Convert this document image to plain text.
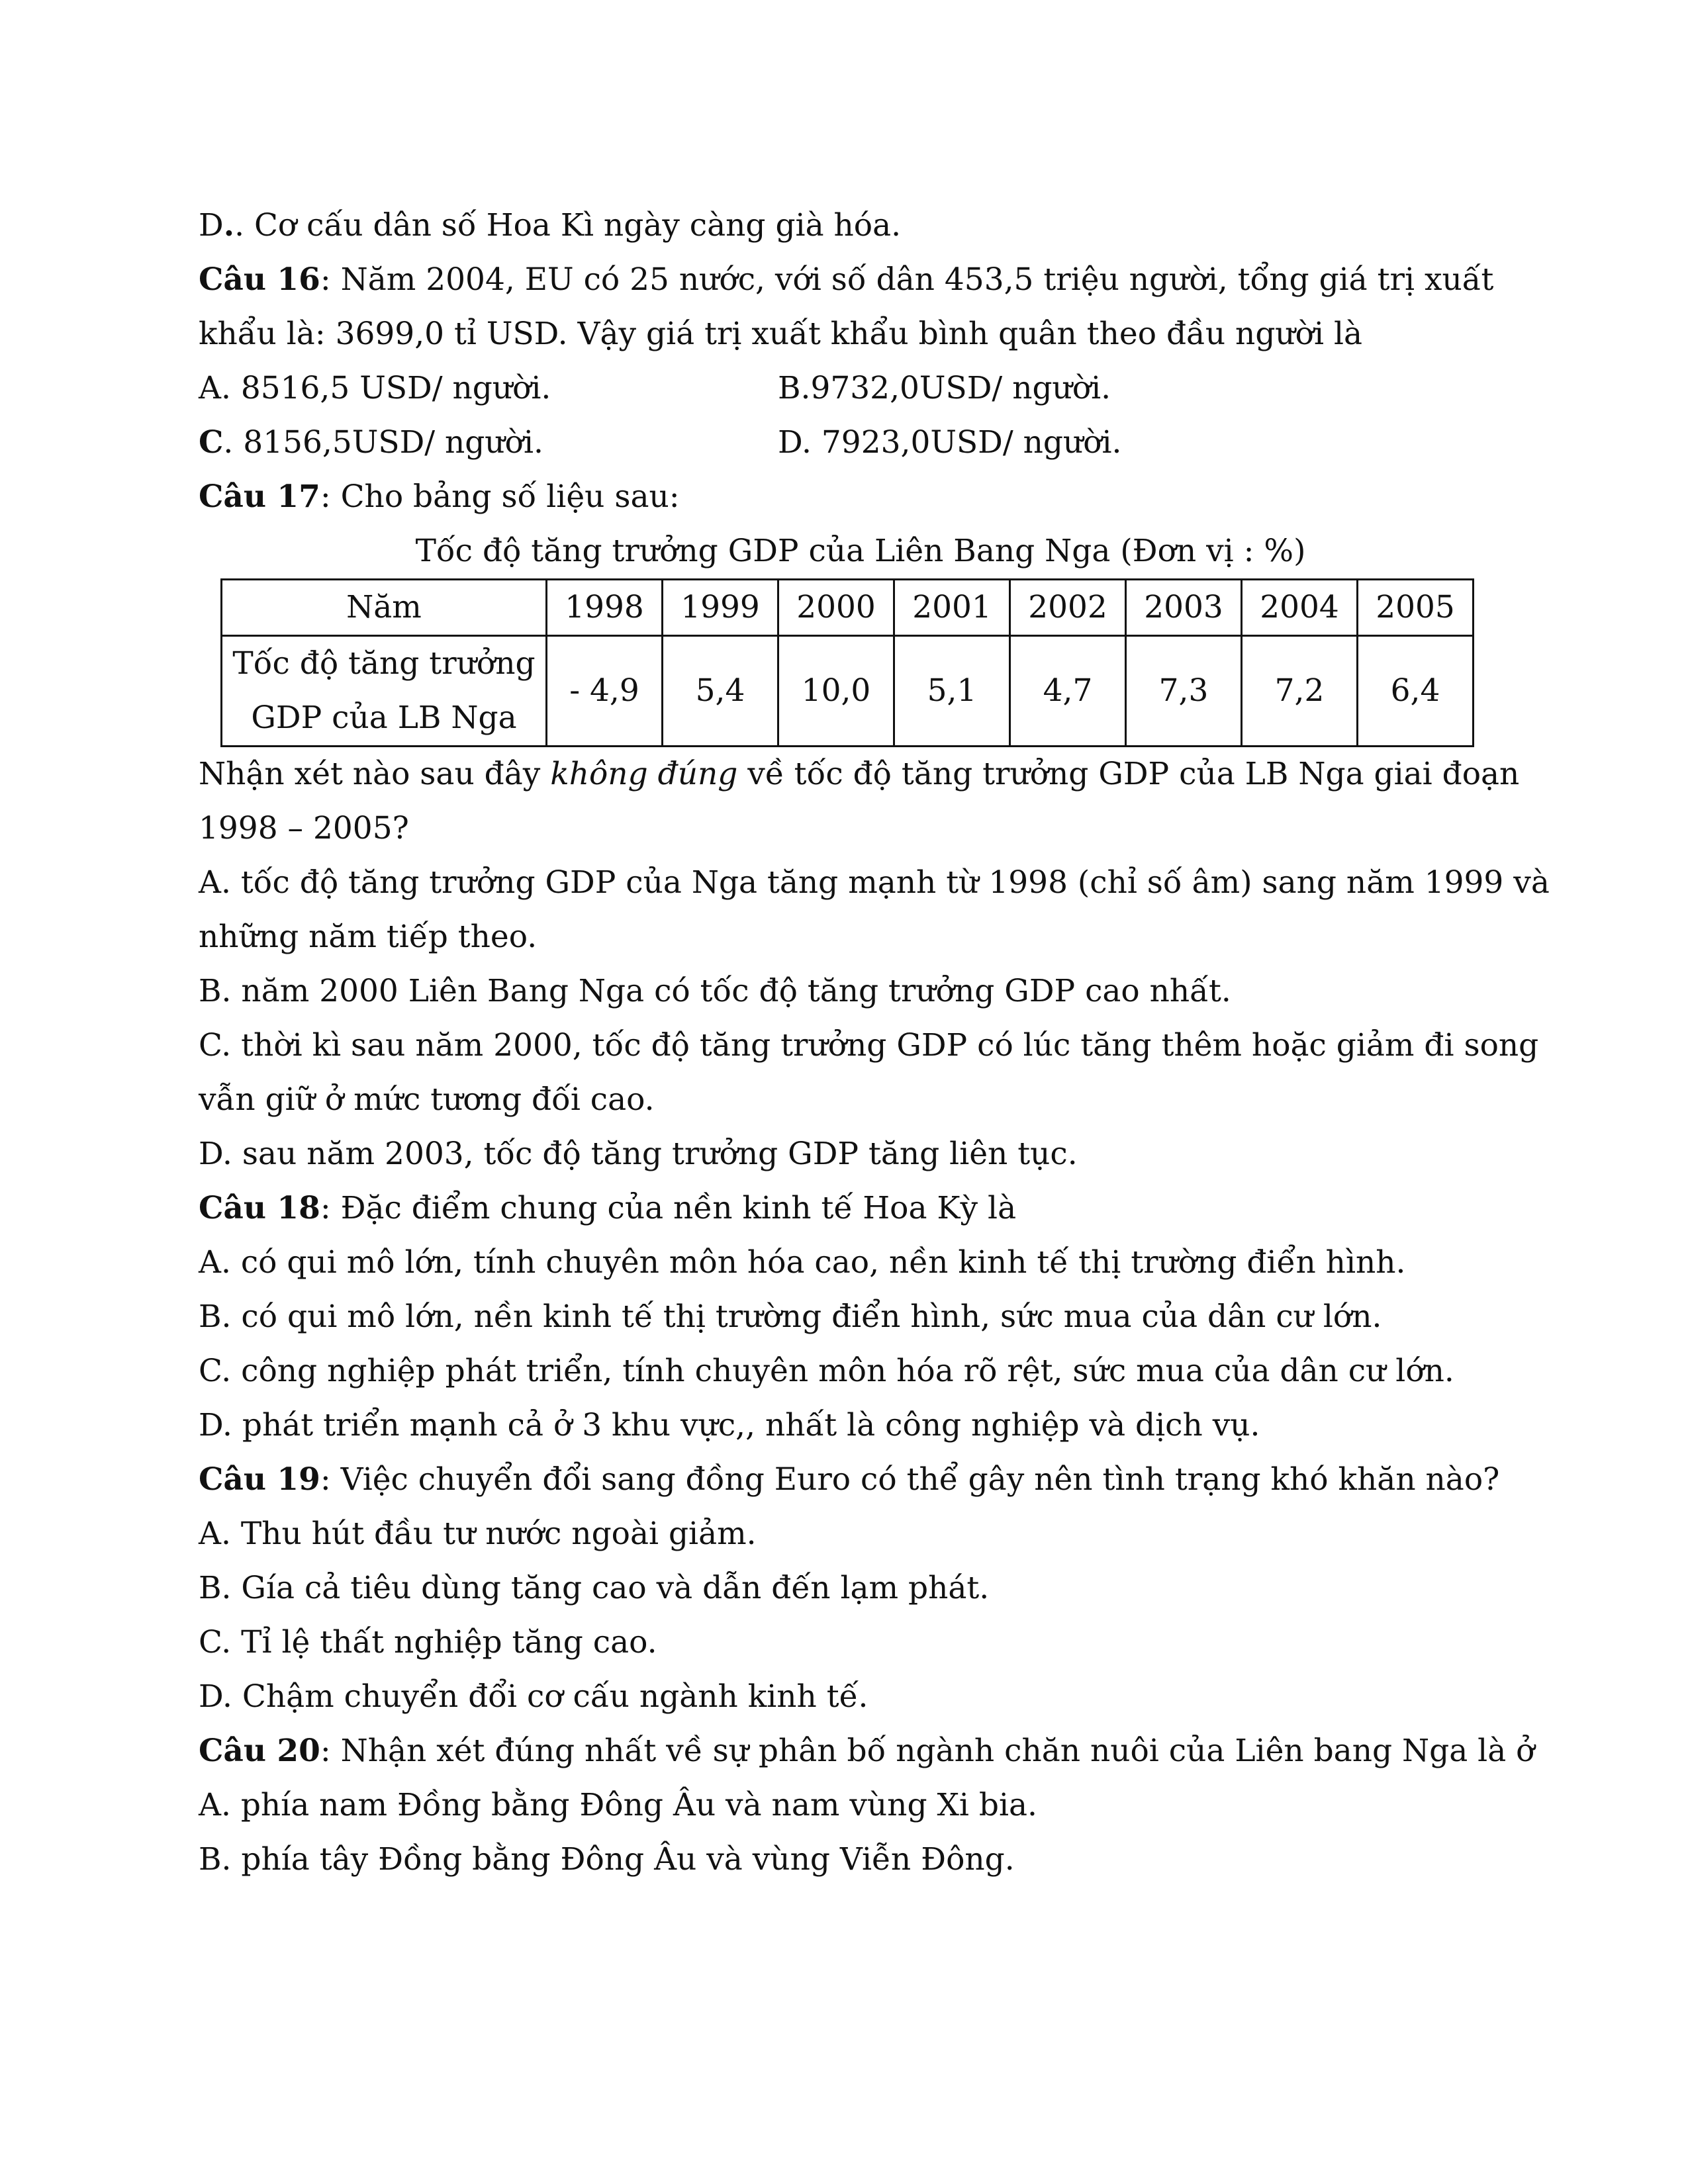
D.. Cơ cấu dân số Hoa Kì ngày càng già hóa.
Câu 16: Năm 2004, EU có 25 nước, với số dân 453,5 triệu người, tổng giá trị xuất
khẩu là: 3699,0 tỉ USD. Vậy giá trị xuất khẩu bình quân theo đầu người là
A. 8516,5 USD/ người.	B.9732,0USD/ người.
C. 8156,5USD/ người.	D. 7923,0USD/ người.
Câu 17: Cho bảng số liệu sau:
Tốc độ tăng trưởng GDP của Liên Bang Nga (Đơn vị : %)
Năm	1998	1999	2000	2001	2002	2003	2004	2005

Tốc độ tăng trưởng
GDP của LB Nga	- 4,9	5,4	10,0	5,1	4,7	7,3	7,2	6,4
Nhận xét nào sau đây không đúng về tốc độ tăng trưởng GDP của LB Nga giai đoạn
1998 – 2005?
A. tốc độ tăng trưởng GDP của Nga tăng mạnh từ 1998 (chỉ số âm) sang năm 1999 và
những năm tiếp theo.
B. năm 2000 Liên Bang Nga có tốc độ tăng trưởng GDP cao nhất.
C. thời kì sau năm 2000, tốc độ tăng trưởng GDP có lúc tăng thêm hoặc giảm đi song
vẫn giữ ở mức tương đối cao.
D. sau năm 2003, tốc độ tăng trưởng GDP tăng liên tục.
Câu 18: Đặc điểm chung của nền kinh tế Hoa Kỳ là
A. có qui mô lớn, tính chuyên môn hóa cao, nền kinh tế thị trường điển hình.
B. có qui mô lớn, nền kinh tế thị trường điển hình, sức mua của dân cư lớn.
C. công nghiệp phát triển, tính chuyên môn hóa rõ rệt, sức mua của dân cư lớn.
D. phát triển mạnh cả ở 3 khu vực,, nhất là công nghiệp và dịch vụ.
Câu 19: Việc chuyển đổi sang đồng Euro có thể gây nên tình trạng khó khăn nào?
A. Thu hút đầu tư nước ngoài giảm.
B. Gía cả tiêu dùng tăng cao và dẫn đến lạm phát.
C. Tỉ lệ thất nghiệp tăng cao.
D. Chậm chuyển đổi cơ cấu ngành kinh tế.
Câu 20: Nhận xét đúng nhất về sự phân bố ngành chăn nuôi của Liên bang Nga là ở
A. phía nam Đồng bằng Đông Âu và nam vùng Xi bia.
B. phía tây Đồng bằng Đông Âu và vùng Viễn Đông.
